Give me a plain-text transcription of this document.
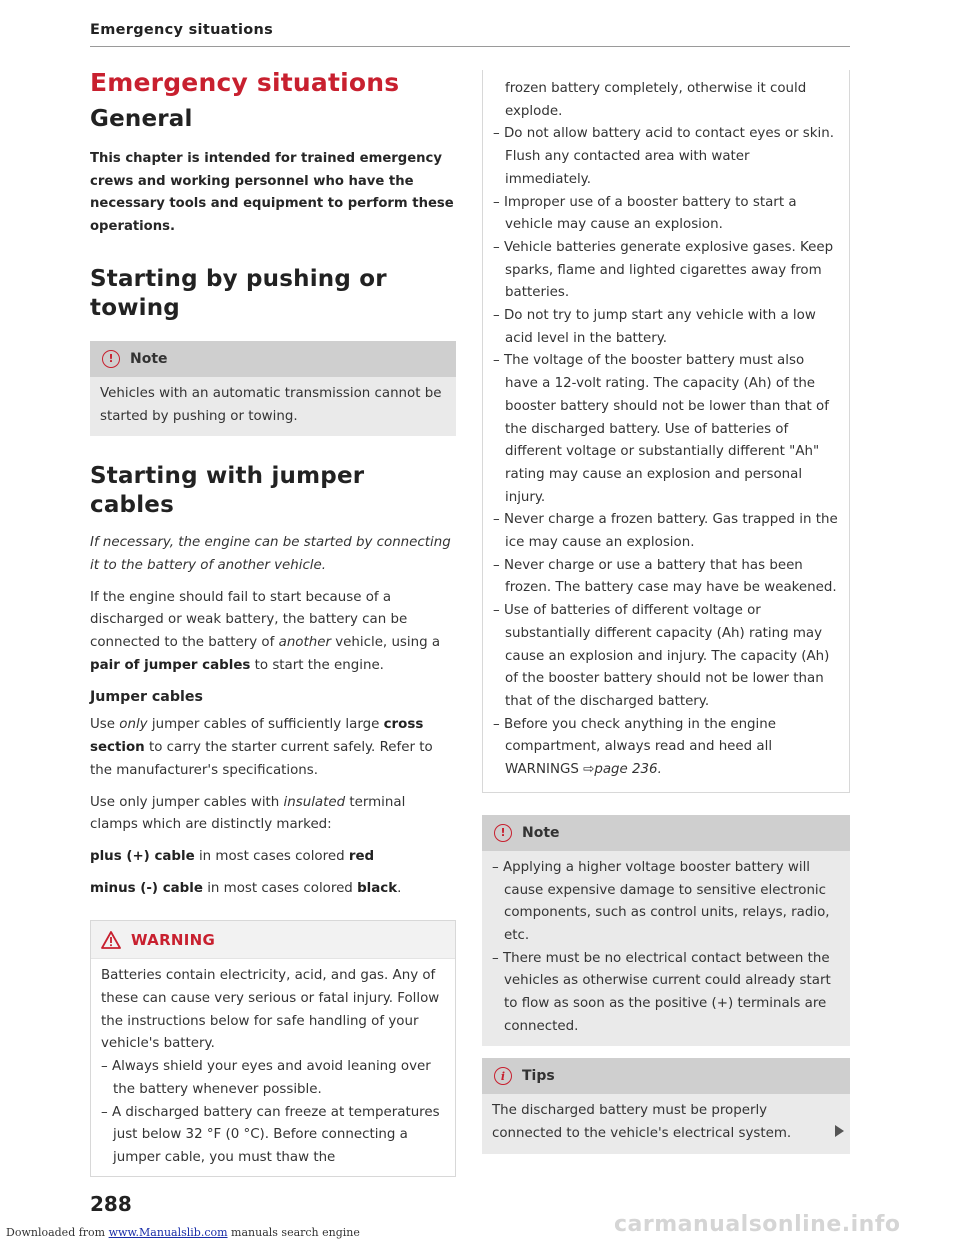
Emergency situations
Emergency situations
General
This chapter is intended for trained emergency crews and working personnel who have the necessary tools and equipment to perform these operations.
Starting by pushing or towing
!	Note
Vehicles with an automatic transmission cannot be started by pushing or towing.
Starting with jumper cables

If necessary, the engine can be started by connecting it to the battery of another vehicle.

If the engine should fail to start because of a discharged or weak battery, the battery can be connected to the battery of another vehicle, using a pair of jumper cables to start the engine.

Jumper cables

Use only jumper cables of sufficiently large cross section to carry the starter current safely. Refer to the manufacturer's specifications.

Use only jumper cables with insulated terminal clamps which are distinctly marked:

plus (+) cable in most cases colored red

minus (-) cable in most cases colored black.

WARNING
Batteries contain electricity, acid, and gas. Any of these can cause very serious or fatal injury. Follow the instructions below for safe handling of your vehicle's battery.
– Always shield your eyes and avoid leaning over the battery whenever possible.
– A discharged battery can freeze at temperatures just below 32 °F (0 °C). Before connecting a jumper cable, you must thaw the
frozen battery completely, otherwise it could explode.
– Do not allow battery acid to contact eyes or skin. Flush any contacted area with water immediately.
– Improper use of a booster battery to start a vehicle may cause an explosion.
– Vehicle batteries generate explosive gases. Keep sparks, flame and lighted cigarettes away from batteries.
– Do not try to jump start any vehicle with a low acid level in the battery.
– The voltage of the booster battery must also have a 12-volt rating. The capacity (Ah) of the booster battery should not be lower than that of the discharged battery. Use of batteries of different voltage or substantially different "Ah" rating may cause an explosion and personal injury.
– Never charge a frozen battery. Gas trapped in the ice may cause an explosion.
– Never charge or use a battery that has been frozen. The battery case may have be weakened.
– Use of batteries of different voltage or substantially different capacity (Ah) rating may cause an explosion and injury. The capacity (Ah) of the booster battery should not be lower than that of the discharged battery.
– Before you check anything in the engine compartment, always read and heed all WARNINGS ⇨page 236.
!	Note
– Applying a higher voltage booster battery will cause expensive damage to sensitive electronic components, such as control units, relays, radio, etc.
– There must be no electrical contact between the vehicles as otherwise current could already start to flow as soon as the positive (+) terminals are connected.
i	Tips
The discharged battery must be properly connected to the vehicle's electrical system.
288
Downloaded from www.Manualslib.com manuals search engine	carmanualsonline.info
